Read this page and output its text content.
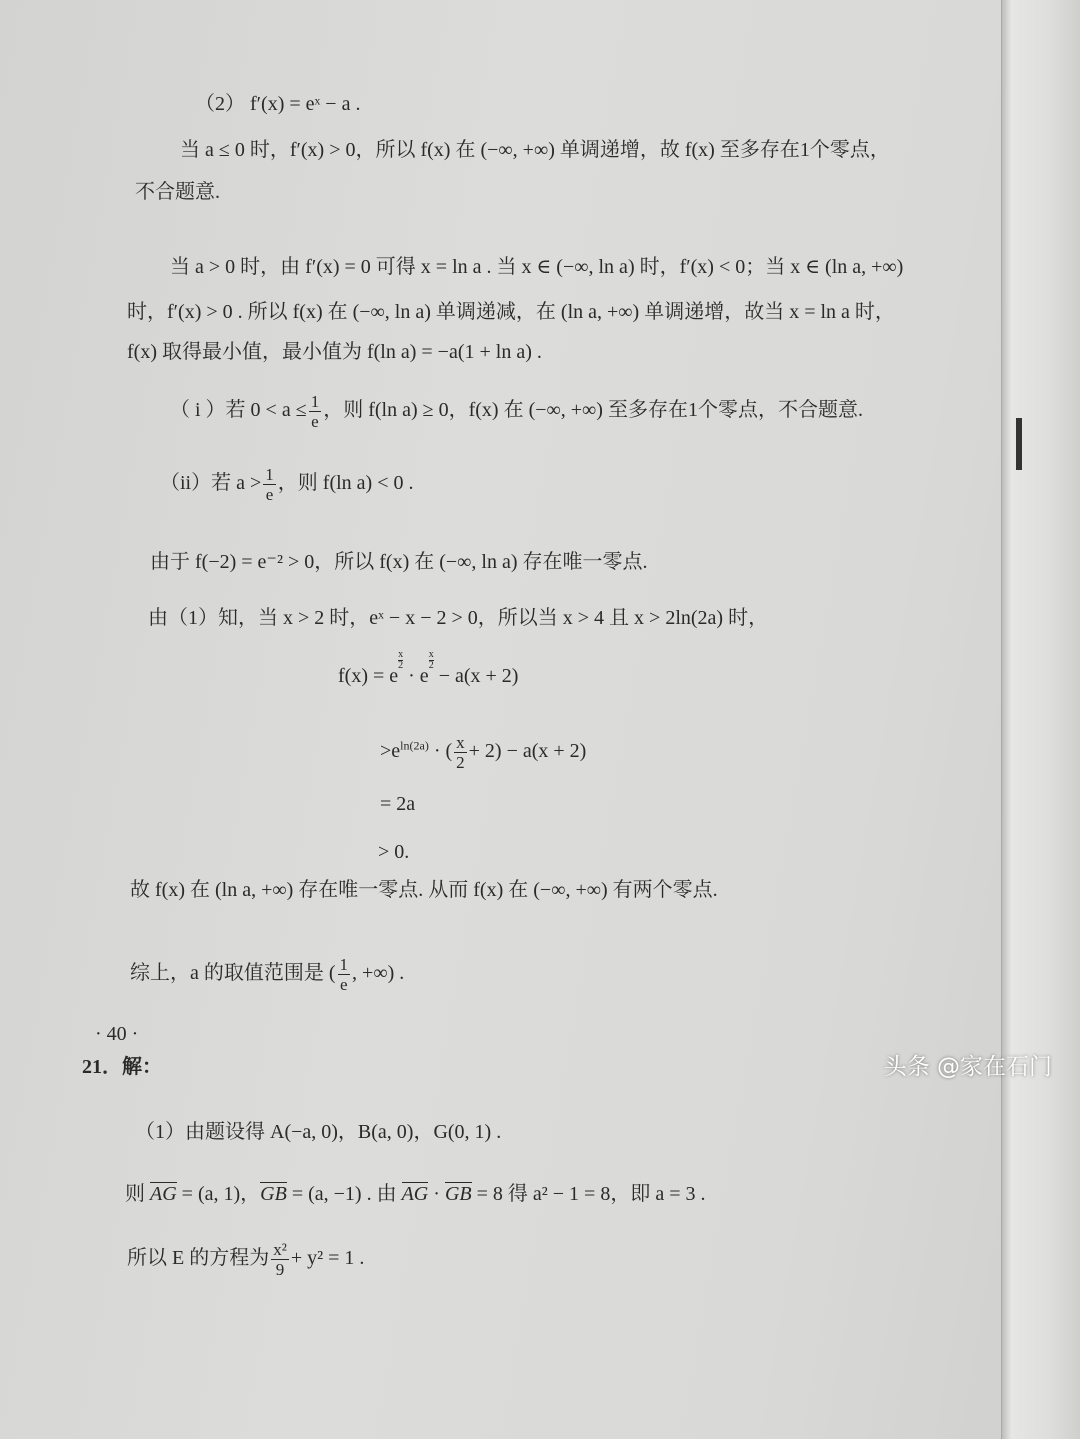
（2） f′(x) = eˣ − a .
当 a ≤ 0 时，f′(x) > 0，所以 f(x) 在 (−∞, +∞) 单调递增，故 f(x) 至多存在1个零点，
不合题意.
当 a > 0 时，由 f′(x) = 0 可得 x = ln a . 当 x ∈ (−∞, ln a) 时，f′(x) < 0；当 x ∈ (ln a, +∞)
时，f′(x) > 0 . 所以 f(x) 在 (−∞, ln a) 单调递减，在 (ln a, +∞) 单调递增，故当 x = ln a 时，
f(x) 取得最小值，最小值为 f(ln a) = −a(1 + ln a) .
（ i ）若 $0 < a \le \frac{1}{e}$ ，则 f(ln a) ≥ 0，f(x) 在 (−∞, +∞) 至多存在1个零点，不合题意.
（ii）若 $a > \frac{1}{e}$ ，则 f(ln a) < 0 .
由于 f(−2) = e⁻² > 0，所以 f(x) 在 (−∞, ln a) 存在唯一零点.
由（1）知，当 x > 2 时，eˣ − x − 2 > 0，所以当 x > 4 且 x > 2ln(2a) 时，
f(x) = e
$\frac{x}{2}$
· e
$\frac{x}{2}$
− a(x + 2)
$>e^{ln(2a)}$ · ( $\frac{x}{2} + 2) - a(x + 2)$
= 2a
> 0.
故 f(x) 在 (ln a, +∞) 存在唯一零点. 从而 f(x) 在 (−∞, +∞) 有两个零点.
综上，a 的取值范围是 ( $\frac{1}{e}$ , +∞) .
21．解：
（1）由题设得 A(−a, 0)，B(a, 0)，G(0, 1) .
则 AG = (a, 1)，GB = (a, −1) . 由 AG · GB = 8 得 a² − 1 = 8，即 a = 3 .
所以 E 的方程为 $\frac{\text{x²}}{9} + y^2 = 1$ .
· 40 ·
头条 @家在石门
